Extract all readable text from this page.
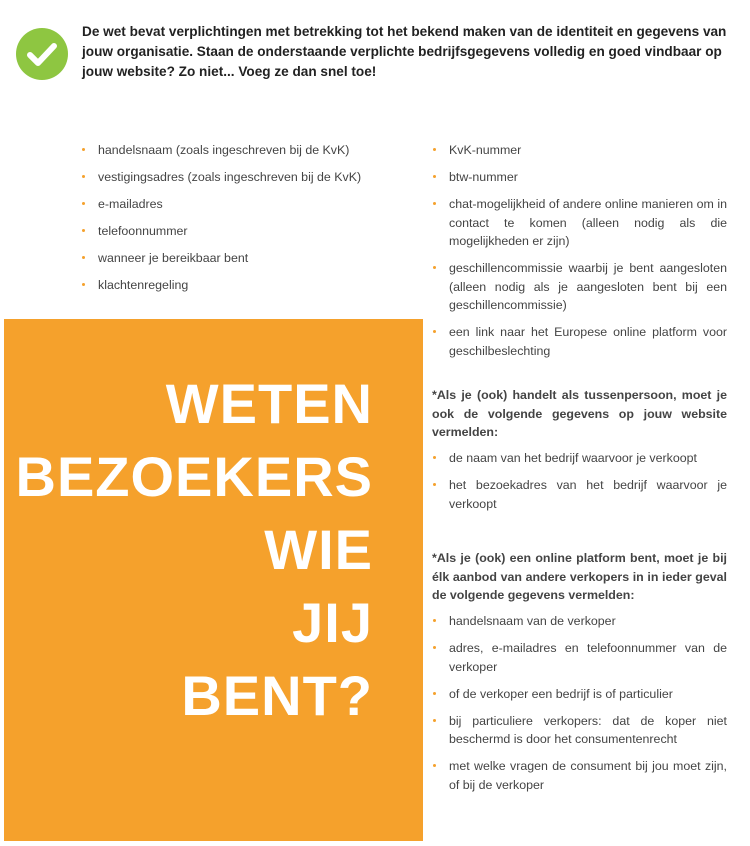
De wet bevat verplichtingen met betrekking tot het bekend maken van de identiteit en gegevens van jouw organisatie. Staan de onderstaande verplichte bedrijfsgegevens volledig en goed vindbaar op jouw website? Zo niet... Voeg ze dan snel toe!
handelsnaam (zoals ingeschreven bij de KvK)
vestigingsadres (zoals ingeschreven bij de KvK)
e-mailadres
telefoonnummer
wanneer je bereikbaar bent
klachtenregeling
KvK-nummer
btw-nummer
chat-mogelijkheid of andere online manieren om in contact te komen (alleen nodig als die mogelijkheden er zijn)
geschillencommissie waarbij je bent aangesloten (alleen nodig als je aangesloten bent bij een geschillencommissie)
een link naar het Europese online platform voor geschilbeslechting
*Als je (ook) handelt als tussenpersoon, moet je ook de volgende gegevens op jouw website vermelden:
de naam van het bedrijf waarvoor je verkoopt
het bezoekadres van het bedrijf waarvoor je verkoopt
*Als je (ook) een online platform bent, moet je bij élk aanbod van andere verkopers in in ieder geval de volgende gegevens vermelden:
handelsnaam van de verkoper
adres, e-mailadres en telefoonnummer van de verkoper
of de verkoper een bedrijf is of particulier
bij particuliere verkopers: dat de koper niet beschermd is door het consumentenrecht
met welke vragen de consument bij jou moet zijn, of bij de verkoper
WETEN
BEZOEKERS
WIE
JIJ
BENT?
